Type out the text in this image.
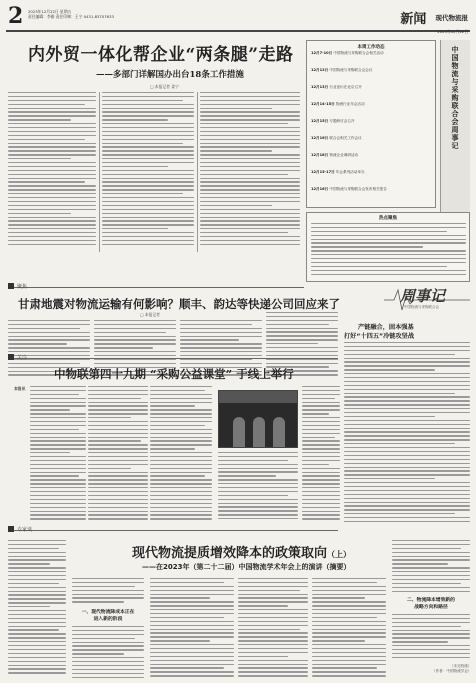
2 2023年12月22日 星期五
责任编辑：李雅 责任印制：王宁 0431-83707633	新闻 现代物流报
2023年12月22日
内外贸一体化帮企业“两条腿”走路
——多部门详解国办出台18条工作措施
□ 本报记者 姜宁
本周工作动态
12月7-10日 中国物流与采购联合会相关活动
12月12日 中国物流与采购联合会会议
12月13日 行业论坛在北京召开
12月14-15日 物流行业年会活动
12月15日 专题研讨会召开
12月16日 联合会相关工作会议
12月18日 物流企业调研活动
12月15-17日 年会系列活动举办
12月16日 中国物流与采购联合会发布相关报告
中国物流与采购联合会周事记
热点聚焦
聚焦
甘肃地震对物流运输有何影响？顺丰、韵达等快递公司回应来了
□ 本报记者
周事记
中国物流与采购联合会
产链融合，固本强基
打好“十四五”冷链攻坚战
关注
中物联第四十九期 “采购公益课堂” 于线上举行
本报讯
专家谈
现代物流提质增效降本的政策取向（上）
——在2023年（第二十二届）中国物流学术年会上的演讲（摘要）
一、现代物流降成本正在
进入新的阶段
二、物流降本增效新的
战略方向和路径
（未完待续）
（作者：中国物流学会）
